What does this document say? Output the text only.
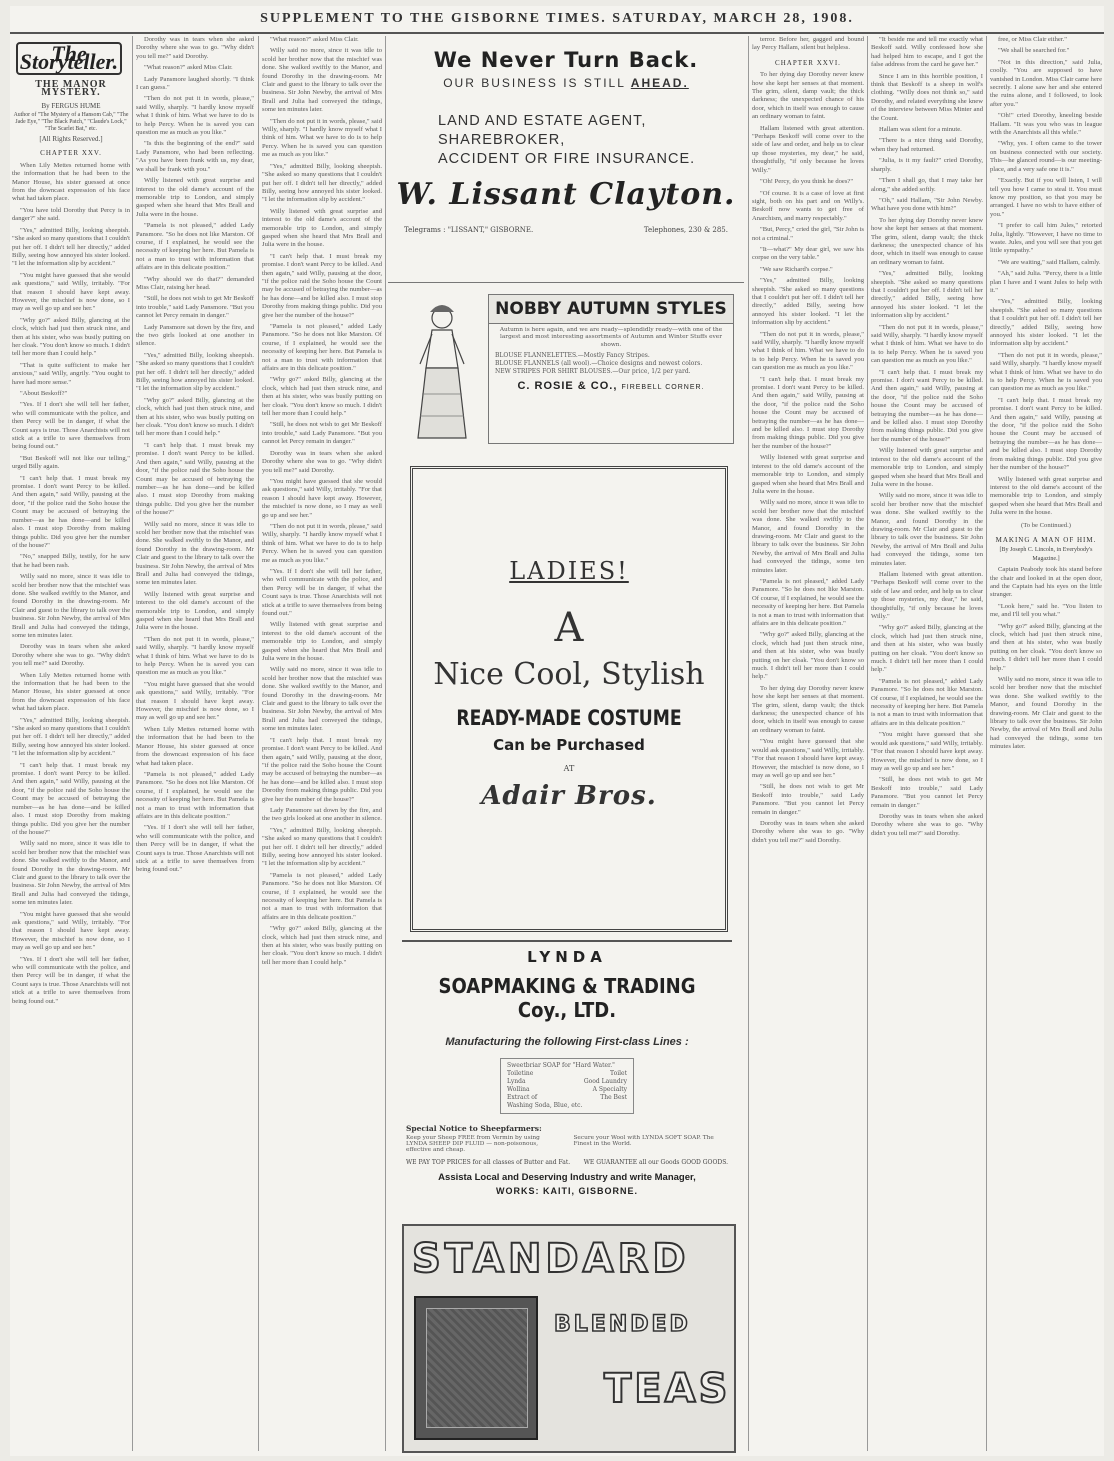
SUPPLEMENT TO THE GISBORNE TIMES. SATURDAY, MARCH 28, 1908.
The Storyteller.
THE MANOR MYSTERY.
By FERGUS HUME
Author of "The Mystery of a Hansom Cab," "The Jade Eye," "The Black Patch," "Claude's Lock," "The Scarlet Bat," etc.
[All Rights Reserved.]
CHAPTER XXV.

When Lily Mettes returned home with the information that he had been to the Manor House, his sister guessed at once from the downcast expression of his face what had taken place.

"You have told Dorothy that Percy is in danger?" she said.

"Yes," admitted Billy, looking sheepish. "She asked so many questions that I couldn't put her off. I didn't tell her directly," added Billy, seeing how annoyed his sister looked. "I let the information slip by accident."

"You might have guessed that she would ask questions," said Willy, irritably. "For that reason I should have kept away. However, the mischief is now done, so I may as well go up and see her."

"Why go?" asked Billy, glancing at the clock, which had just then struck nine, and then at his sister, who was busily putting on her cloak. "You don't know so much. I didn't tell her more than I could help."

"That is quite sufficient to make her anxious," said Willy, angrily. "You ought to have had more sense."

"About Beskoff?"

"Yes. If I don't she will tell her father, who will communicate with the police, and then Percy will be in danger, if what the Count says is true. Those Anarchists will not stick at a trifle to save themselves from being found out."

"But Beskoff will not like our telling," urged Billy again.

"I can't help that. I must break my promise. I don't want Percy to be killed. And then again," said Willy, pausing at the door, "if the police raid the Soho house the Count may be accused of betraying the number—as he has done—and be killed also. I must stop Dorothy from making things public. Did you give her the number of the house?"

"No," snapped Billy, testily, for he saw that he had been rash.

Willy said no more, since it was idle to scold her brother now that the mischief was done. She walked swiftly to the Manor, and found Dorothy in the drawing-room. Mr Clair and guest to the library to talk over the business. Sir John Newby, the arrival of Mrs Brall and Julia had conveyed the tidings, some ten minutes later.

Dorothy was in tears when she asked Dorothy where she was to go. "Why didn't you tell me?" said Dorothy.

When Lily Mettes returned home with the information that he had been to the Manor House, his sister guessed at once from the downcast expression of his face what had taken place.

"Yes," admitted Billy, looking sheepish. "She asked so many questions that I couldn't put her off. I didn't tell her directly," added Billy, seeing how annoyed his sister looked. "I let the information slip by accident."

"I can't help that. I must break my promise. I don't want Percy to be killed. And then again," said Willy, pausing at the door, "if the police raid the Soho house the Count may be accused of betraying the number—as he has done—and be killed also. I must stop Dorothy from making things public. Did you give her the number of the house?"

Willy said no more, since it was idle to scold her brother now that the mischief was done. She walked swiftly to the Manor, and found Dorothy in the drawing-room. Mr Clair and guest to the library to talk over the business. Sir John Newby, the arrival of Mrs Brall and Julia had conveyed the tidings, some ten minutes later.

"You might have guessed that she would ask questions," said Willy, irritably. "For that reason I should have kept away. However, the mischief is now done, so I may as well go up and see her."

"Yes. If I don't she will tell her father, who will communicate with the police, and then Percy will be in danger, if what the Count says is true. Those Anarchists will not stick at a trifle to save themselves from being found out."

Dorothy was in tears when she asked Dorothy where she was to go. "Why didn't you tell me?" said Dorothy.

"What reason?" asked Miss Clair.

Lady Pansmore laughed shortly. "I think I can guess."

"Then do not put it in words, please," said Willy, sharply. "I hardly know myself what I think of him. What we have to do is to help Percy. When he is saved you can question me as much as you like."

"Is this the beginning of the end?" said Lady Pansmore, who had been reflecting. "As you have been frank with us, my dear, we shall be frank with you."

Willy listened with great surprise and interest to the old dame's account of the memorable trip to London, and simply gasped when she heard that Mrs Brall and Julia were in the house.

"Pamela is not pleased," added Lady Pansmore. "So he does not like Marston. Of course, if I explained, he would see the necessity of keeping her here. But Pamela is not a man to trust with information that affairs are in this delicate position."

"Why should we do that?" demanded Miss Clair, raising her head.

"Still, he does not wish to get Mr Beskoff into trouble," said Lady Pansmore. "But you cannot let Percy remain in danger."

Lady Pansmore sat down by the fire, and the two girls looked at one another in silence.

"Yes," admitted Billy, looking sheepish. "She asked so many questions that I couldn't put her off. I didn't tell her directly," added Billy, seeing how annoyed his sister looked. "I let the information slip by accident."

"Why go?" asked Billy, glancing at the clock, which had just then struck nine, and then at his sister, who was busily putting on her cloak. "You don't know so much. I didn't tell her more than I could help."

"I can't help that. I must break my promise. I don't want Percy to be killed. And then again," said Willy, pausing at the door, "if the police raid the Soho house the Count may be accused of betraying the number—as he has done—and be killed also. I must stop Dorothy from making things public. Did you give her the number of the house?"

Willy said no more, since it was idle to scold her brother now that the mischief was done. She walked swiftly to the Manor, and found Dorothy in the drawing-room. Mr Clair and guest to the library to talk over the business. Sir John Newby, the arrival of Mrs Brall and Julia had conveyed the tidings, some ten minutes later.

Willy listened with great surprise and interest to the old dame's account of the memorable trip to London, and simply gasped when she heard that Mrs Brall and Julia were in the house.

"Then do not put it in words, please," said Willy, sharply. "I hardly know myself what I think of him. What we have to do is to help Percy. When he is saved you can question me as much as you like."

"You might have guessed that she would ask questions," said Willy, irritably. "For that reason I should have kept away. However, the mischief is now done, so I may as well go up and see her."

When Lily Mettes returned home with the information that he had been to the Manor House, his sister guessed at once from the downcast expression of his face what had taken place.

"Pamela is not pleased," added Lady Pansmore. "So he does not like Marston. Of course, if I explained, he would see the necessity of keeping her here. But Pamela is not a man to trust with information that affairs are in this delicate position."

"Yes. If I don't she will tell her father, who will communicate with the police, and then Percy will be in danger, if what the Count says is true. Those Anarchists will not stick at a trifle to save themselves from being found out."

"What reason?" asked Miss Clair.

Willy said no more, since it was idle to scold her brother now that the mischief was done. She walked swiftly to the Manor, and found Dorothy in the drawing-room. Mr Clair and guest to the library to talk over the business. Sir John Newby, the arrival of Mrs Brall and Julia had conveyed the tidings, some ten minutes later.

"Then do not put it in words, please," said Willy, sharply. "I hardly know myself what I think of him. What we have to do is to help Percy. When he is saved you can question me as much as you like."

"Yes," admitted Billy, looking sheepish. "She asked so many questions that I couldn't put her off. I didn't tell her directly," added Billy, seeing how annoyed his sister looked. "I let the information slip by accident."

Willy listened with great surprise and interest to the old dame's account of the memorable trip to London, and simply gasped when she heard that Mrs Brall and Julia were in the house.

"I can't help that. I must break my promise. I don't want Percy to be killed. And then again," said Willy, pausing at the door, "if the police raid the Soho house the Count may be accused of betraying the number—as he has done—and be killed also. I must stop Dorothy from making things public. Did you give her the number of the house?"

"Pamela is not pleased," added Lady Pansmore. "So he does not like Marston. Of course, if I explained, he would see the necessity of keeping her here. But Pamela is not a man to trust with information that affairs are in this delicate position."

"Why go?" asked Billy, glancing at the clock, which had just then struck nine, and then at his sister, who was busily putting on her cloak. "You don't know so much. I didn't tell her more than I could help."

"Still, he does not wish to get Mr Beskoff into trouble," said Lady Pansmore. "But you cannot let Percy remain in danger."

Dorothy was in tears when she asked Dorothy where she was to go. "Why didn't you tell me?" said Dorothy.

"You might have guessed that she would ask questions," said Willy, irritably. "For that reason I should have kept away. However, the mischief is now done, so I may as well go up and see her."

"Then do not put it in words, please," said Willy, sharply. "I hardly know myself what I think of him. What we have to do is to help Percy. When he is saved you can question me as much as you like."

"Yes. If I don't she will tell her father, who will communicate with the police, and then Percy will be in danger, if what the Count says is true. Those Anarchists will not stick at a trifle to save themselves from being found out."

Willy listened with great surprise and interest to the old dame's account of the memorable trip to London, and simply gasped when she heard that Mrs Brall and Julia were in the house.

Willy said no more, since it was idle to scold her brother now that the mischief was done. She walked swiftly to the Manor, and found Dorothy in the drawing-room. Mr Clair and guest to the library to talk over the business. Sir John Newby, the arrival of Mrs Brall and Julia had conveyed the tidings, some ten minutes later.

"I can't help that. I must break my promise. I don't want Percy to be killed. And then again," said Willy, pausing at the door, "if the police raid the Soho house the Count may be accused of betraying the number—as he has done—and be killed also. I must stop Dorothy from making things public. Did you give her the number of the house?"

Lady Pansmore sat down by the fire, and the two girls looked at one another in silence.

"Yes," admitted Billy, looking sheepish. "She asked so many questions that I couldn't put her off. I didn't tell her directly," added Billy, seeing how annoyed his sister looked. "I let the information slip by accident."

"Pamela is not pleased," added Lady Pansmore. "So he does not like Marston. Of course, if I explained, he would see the necessity of keeping her here. But Pamela is not a man to trust with information that affairs are in this delicate position."

"Why go?" asked Billy, glancing at the clock, which had just then struck nine, and then at his sister, who was busily putting on her cloak. "You don't know so much. I didn't tell her more than I could help."

We Never Turn Back.
OUR BUSINESS IS STILL AHEAD.
LAND AND ESTATE AGENT,
SHAREBROKER,
ACCIDENT OR FIRE INSURANCE.
W. Lissant Clayton.
Telegrams : "LISSANT," GISBORNE.	Telephones, 230 & 285.
NOBBY AUTUMN STYLES
Autumn is here again, and we are ready—splendidly ready—with one of the largest and most interesting assortments of Autumn and Winter Stuffs ever shown.
BLOUSE FLANNELETTES.—Mostly Fancy Stripes.
BLOUSE FLANNELS (all wool).—Choice designs and newest colors.
NEW STRIPES FOR SHIRT BLOUSES.—Our price, 1/2 per yard.
C. ROSIE & CO., FIREBELL CORNER.
LADIES!
A
Nice Cool, Stylish
READY-MADE COSTUME
Can be Purchased
AT
Adair Bros.
LYNDA
SOAPMAKING & TRADING Coy., LTD.
Manufacturing the following First-class Lines :
Sweetbriar SOAP for "Hard Water."
Toiletine	Toilet
Lynda	Good Laundry
Wollina	A Specialty
Extract of	The Best
Washing Soda, Blue, etc.
Special Notice to Sheepfarmers:
Keep your Sheep FREE from Vermin by using LYNDA SHEEP DIP FLUID — non-poisonous, effective and cheap.
Secure your Wool with LYNDA SOFT SOAP. The Finest in the World.
WE PAY TOP PRICES for all classes of Butter and Fat. WE GUARANTEE all our Goods GOOD GOODS.
Assista Local and Deserving Industry and write Manager,
WORKS: KAITI, GISBORNE.
STANDARD
BLENDED
TEAS

terror. Before her, gagged and bound lay Percy Hallam, silent but helpless.

CHAPTER XXVI.

To her dying day Dorothy never knew how she kept her senses at that moment. The grim, silent, damp vault; the thick darkness; the unexpected chance of his door, which in itself was enough to cause an ordinary woman to faint.

Hallam listened with great attention. "Perhaps Beskoff will come over to the side of law and order, and help us to clear up those mysteries, my dear," he said, thoughtfully, "if only because he loves Willy."

"Oh! Percy, do you think he does?"

"Of course. It is a case of love at first sight, both on his part and on Willy's. Beskoff now wants to get free of Anarchism, and marry respectably."

"But, Percy," cried the girl, "Sir John is not a criminal."

"It—what?" My dear girl, we saw his corpse on the very table."

"We saw Richard's corpse."

"Yes," admitted Billy, looking sheepish. "She asked so many questions that I couldn't put her off. I didn't tell her directly," added Billy, seeing how annoyed his sister looked. "I let the information slip by accident."

"Then do not put it in words, please," said Willy, sharply. "I hardly know myself what I think of him. What we have to do is to help Percy. When he is saved you can question me as much as you like."

"I can't help that. I must break my promise. I don't want Percy to be killed. And then again," said Willy, pausing at the door, "if the police raid the Soho house the Count may be accused of betraying the number—as he has done—and be killed also. I must stop Dorothy from making things public. Did you give her the number of the house?"

Willy listened with great surprise and interest to the old dame's account of the memorable trip to London, and simply gasped when she heard that Mrs Brall and Julia were in the house.

Willy said no more, since it was idle to scold her brother now that the mischief was done. She walked swiftly to the Manor, and found Dorothy in the drawing-room. Mr Clair and guest to the library to talk over the business. Sir John Newby, the arrival of Mrs Brall and Julia had conveyed the tidings, some ten minutes later.

"Pamela is not pleased," added Lady Pansmore. "So he does not like Marston. Of course, if I explained, he would see the necessity of keeping her here. But Pamela is not a man to trust with information that affairs are in this delicate position."

"Why go?" asked Billy, glancing at the clock, which had just then struck nine, and then at his sister, who was busily putting on her cloak. "You don't know so much. I didn't tell her more than I could help."

To her dying day Dorothy never knew how she kept her senses at that moment. The grim, silent, damp vault; the thick darkness; the unexpected chance of his door, which in itself was enough to cause an ordinary woman to faint.

"You might have guessed that she would ask questions," said Willy, irritably. "For that reason I should have kept away. However, the mischief is now done, so I may as well go up and see her."

"Still, he does not wish to get Mr Beskoff into trouble," said Lady Pansmore. "But you cannot let Percy remain in danger."

Dorothy was in tears when she asked Dorothy where she was to go. "Why didn't you tell me?" said Dorothy.

"It beside me and tell me exactly what Beskoff said. Willy confessed how she had helped him to escape, and I got the false address from the card he gave her."

Since I am in this horrible position, I think that Beskoff is a sheep in wolf's clothing. "Willy does not think so," said Dorothy, and related everything she knew of the interview between Miss Minter and the Count.

Hallam was silent for a minute.

"There is a nice thing said Dorothy, when they had returned.

"Julia, is it my fault?" cried Dorothy, sharply.

"Then I shall go, that I may take her along," she added softly.

"Oh," said Hallam, "Sir John Newby. What have you done with him?"

To her dying day Dorothy never knew how she kept her senses at that moment. The grim, silent, damp vault; the thick darkness; the unexpected chance of his door, which in itself was enough to cause an ordinary woman to faint.

"Yes," admitted Billy, looking sheepish. "She asked so many questions that I couldn't put her off. I didn't tell her directly," added Billy, seeing how annoyed his sister looked. "I let the information slip by accident."

"Then do not put it in words, please," said Willy, sharply. "I hardly know myself what I think of him. What we have to do is to help Percy. When he is saved you can question me as much as you like."

"I can't help that. I must break my promise. I don't want Percy to be killed. And then again," said Willy, pausing at the door, "if the police raid the Soho house the Count may be accused of betraying the number—as he has done—and be killed also. I must stop Dorothy from making things public. Did you give her the number of the house?"

Willy listened with great surprise and interest to the old dame's account of the memorable trip to London, and simply gasped when she heard that Mrs Brall and Julia were in the house.

Willy said no more, since it was idle to scold her brother now that the mischief was done. She walked swiftly to the Manor, and found Dorothy in the drawing-room. Mr Clair and guest to the library to talk over the business. Sir John Newby, the arrival of Mrs Brall and Julia had conveyed the tidings, some ten minutes later.

Hallam listened with great attention. "Perhaps Beskoff will come over to the side of law and order, and help us to clear up those mysteries, my dear," he said, thoughtfully, "if only because he loves Willy."

"Why go?" asked Billy, glancing at the clock, which had just then struck nine, and then at his sister, who was busily putting on her cloak. "You don't know so much. I didn't tell her more than I could help."

"Pamela is not pleased," added Lady Pansmore. "So he does not like Marston. Of course, if I explained, he would see the necessity of keeping her here. But Pamela is not a man to trust with information that affairs are in this delicate position."

"You might have guessed that she would ask questions," said Willy, irritably. "For that reason I should have kept away. However, the mischief is now done, so I may as well go up and see her."

"Still, he does not wish to get Mr Beskoff into trouble," said Lady Pansmore. "But you cannot let Percy remain in danger."

Dorothy was in tears when she asked Dorothy where she was to go. "Why didn't you tell me?" said Dorothy.

free, or Miss Clair either."

"We shall be searched for."

"Not in this direction," said Julia, coolly. "You are supposed to have vanished in London. Miss Clair came here secretly. I alone saw her and she entered the ruins alone, and I followed, to look after you."

"Oh!" cried Dorothy, kneeling beside Hallam. "It was you who was in league with the Anarchists all this while."

"Why, yes. I often came to the tower on business connected with our society. This—he glanced round—is our meeting-place, and a very safe one it is."

"Exactly. But if you will listen, I will tell you how I came to steal it. You must know my position, so that you may be arranged. I have no wish to have either of you."

"I prefer to call him Jules," retorted Julia, lightly. "However, I have no time to waste. Jules, and you will see that you get little sympathy."

"We are waiting," said Hallam, calmly.

"Ah," said Julia. "Percy, there is a little plan I have and I want Jules to help with it."

"Yes," admitted Billy, looking sheepish. "She asked so many questions that I couldn't put her off. I didn't tell her directly," added Billy, seeing how annoyed his sister looked. "I let the information slip by accident."

"Then do not put it in words, please," said Willy, sharply. "I hardly know myself what I think of him. What we have to do is to help Percy. When he is saved you can question me as much as you like."

"I can't help that. I must break my promise. I don't want Percy to be killed. And then again," said Willy, pausing at the door, "if the police raid the Soho house the Count may be accused of betraying the number—as he has done—and be killed also. I must stop Dorothy from making things public. Did you give her the number of the house?"

Willy listened with great surprise and interest to the old dame's account of the memorable trip to London, and simply gasped when she heard that Mrs Brall and Julia were in the house.

(To be Continued.)
MAKING A MAN OF HIM.
[By Joseph C. Lincoln, in Everybody's Magazine.]

Captain Peabody took his stand before the chair and looked in at the open door, and the Captain had his eyes on the little stranger.

"Look here," said he. "You listen to me, and I'll tell you what."

"Why go?" asked Billy, glancing at the clock, which had just then struck nine, and then at his sister, who was busily putting on her cloak. "You don't know so much. I didn't tell her more than I could help."

Willy said no more, since it was idle to scold her brother now that the mischief was done. She walked swiftly to the Manor, and found Dorothy in the drawing-room. Mr Clair and guest to the library to talk over the business. Sir John Newby, the arrival of Mrs Brall and Julia had conveyed the tidings, some ten minutes later.
